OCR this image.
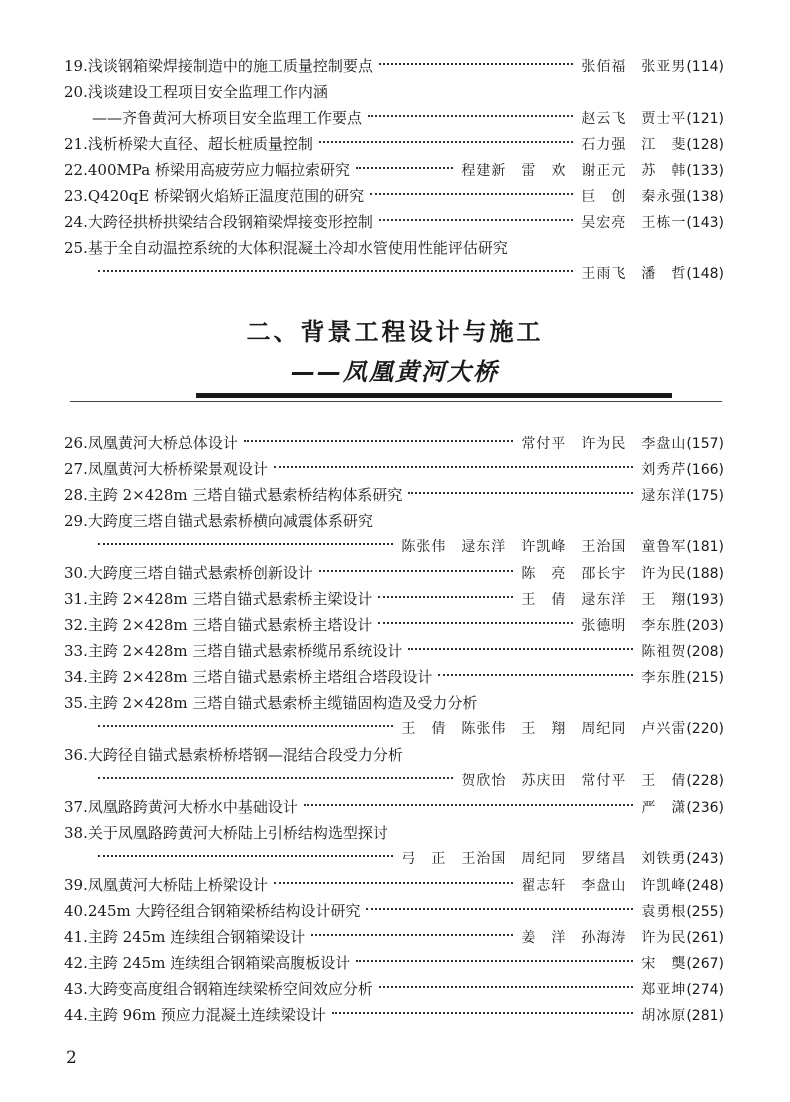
19. 浅谈钢箱梁焊接制造中的施工质量控制要点	张佰福　张亚男 (114)
20. 浅谈建设工程项目安全监理工作内涵
——齐鲁黄河大桥项目安全监理工作要点	赵云飞　贾士平 (121)
21. 浅析桥梁大直径、超长桩质量控制	石力强　江　斐 (128)
22. 400MPa 桥梁用高疲劳应力幅拉索研究	程建新　雷　欢　谢正元　苏　韩 (133)
23. Q420qE 桥梁钢火焰矫正温度范围的研究	巨　创　秦永强 (138)
24. 大跨径拱桥拱梁结合段钢箱梁焊接变形控制	吴宏亮　王栋一 (143)
25. 基于全自动温控系统的大体积混凝土冷却水管使用性能评估研究
王雨飞　潘　哲 (148)
二、背景工程设计与施工
——凤凰黄河大桥
26. 凤凰黄河大桥总体设计	常付平　许为民　李盘山 (157)
27. 凤凰黄河大桥桥梁景观设计	刘秀芹 (166)
28. 主跨 2×428m 三塔自锚式悬索桥结构体系研究	逯东洋 (175)
29. 大跨度三塔自锚式悬索桥横向减震体系研究
陈张伟　逯东洋　许凯峰　王治国　童鲁军 (181)
30. 大跨度三塔自锚式悬索桥创新设计	陈　亮　邵长宇　许为民 (188)
31. 主跨 2×428m 三塔自锚式悬索桥主梁设计	王　倩　逯东洋　王　翔 (193)
32. 主跨 2×428m 三塔自锚式悬索桥主塔设计	张德明　李东胜 (203)
33. 主跨 2×428m 三塔自锚式悬索桥缆吊系统设计	陈祖贺 (208)
34. 主跨 2×428m 三塔自锚式悬索桥主塔组合塔段设计	李东胜 (215)
35. 主跨 2×428m 三塔自锚式悬索桥主缆锚固构造及受力分析
王　倩　陈张伟　王　翔　周纪同　卢兴雷 (220)
36. 大跨径自锚式悬索桥桥塔钢—混结合段受力分析
贺欣怡　苏庆田　常付平　王　倩 (228)
37. 凤凰路跨黄河大桥水中基础设计	严　潇 (236)
38. 关于凤凰路跨黄河大桥陆上引桥结构选型探讨
弓　正　王治国　周纪同　罗绪昌　刘铁勇 (243)
39. 凤凰黄河大桥陆上桥梁设计	翟志轩　李盘山　许凯峰 (248)
40. 245m 大跨径组合钢箱梁桥结构设计研究	袁勇根 (255)
41. 主跨 245m 连续组合钢箱梁设计	姜　洋　孙海涛　许为民 (261)
42. 主跨 245m 连续组合钢箱梁高腹板设计	宋　龑 (267)
43. 大跨变高度组合钢箱连续梁桥空间效应分析	郑亚坤 (274)
44. 主跨 96m 预应力混凝土连续梁设计	胡冰原 (281)
2
